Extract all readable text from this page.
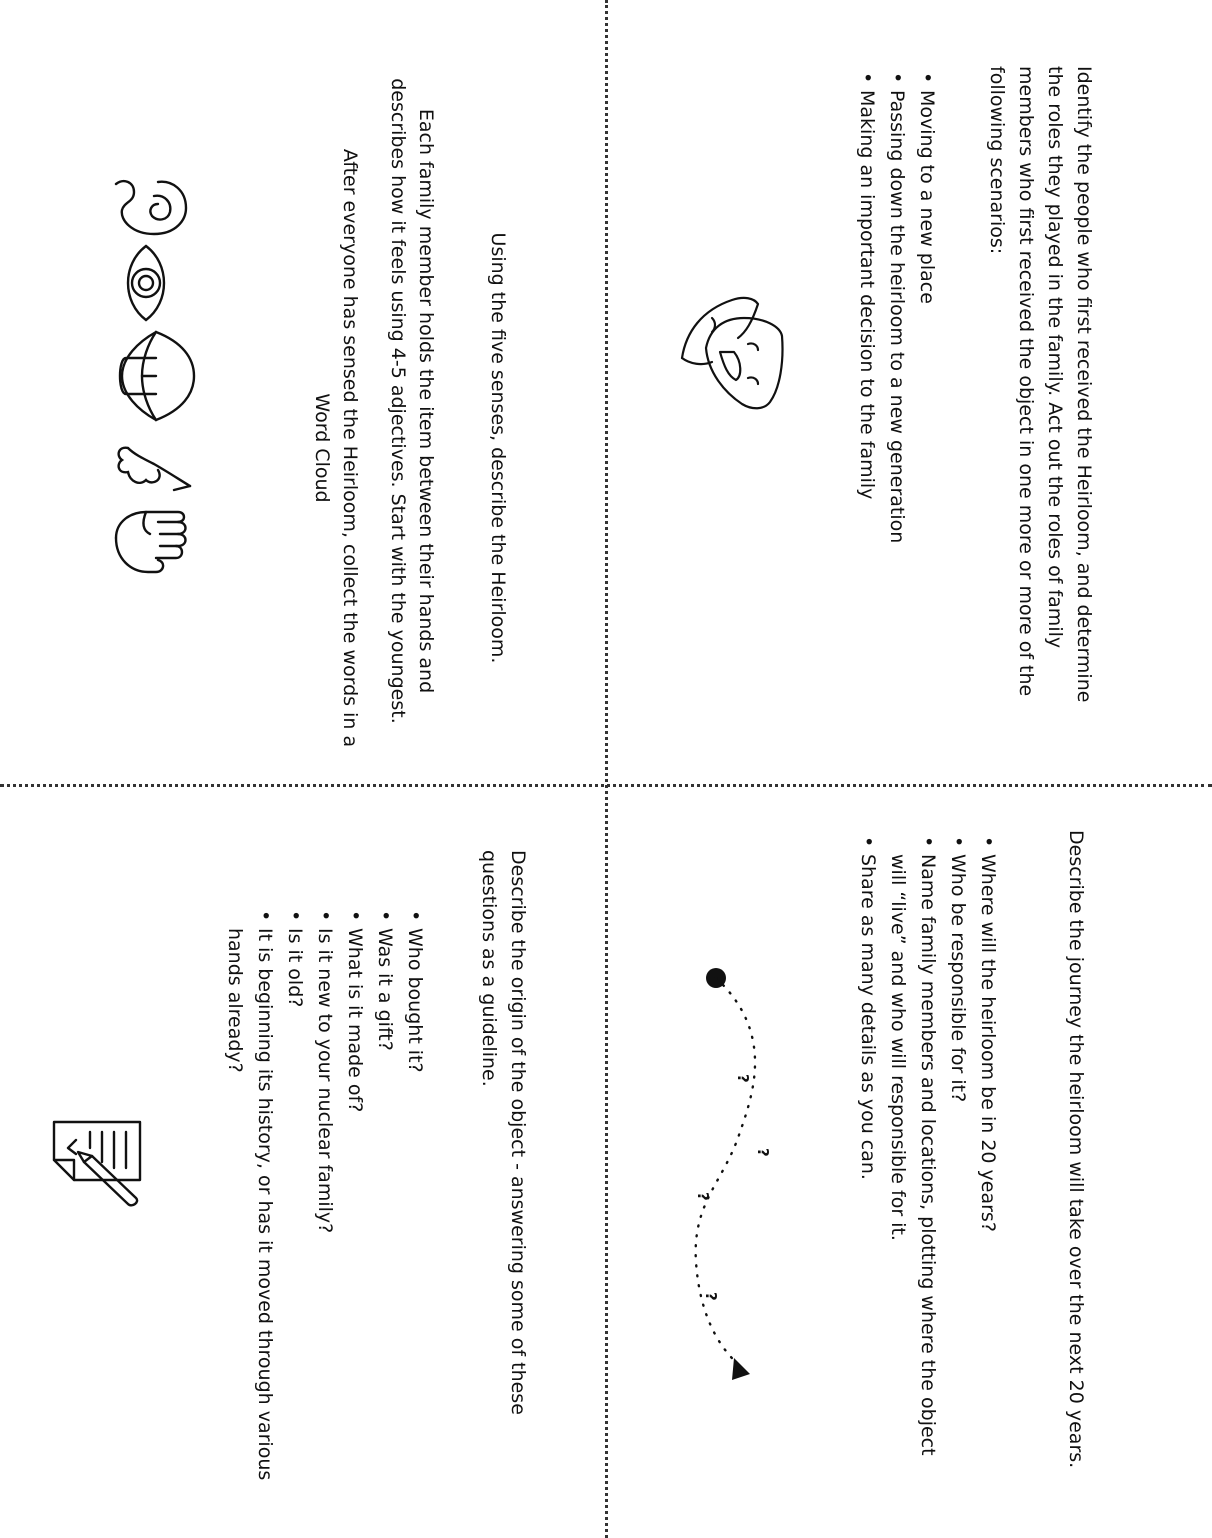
Identify the people who first received the Heirloom, and determine the roles they played in the family. Act out the roles of family members who first received the object in one more or more of the following scenarios:

• Moving to a new place
• Passing down the heirloom to a new generation
• Making an important decision to the family

Describe the journey the heirloom will take over the next 20 years.

• Where will the heirloom be in 20 years?
• Who be responsible for it?
• Name family members and locations, plotting where the object will “live” and who will responsible for it.
• Share as many details as you can.
?
?
?
?

Using the five senses, describe the Heirloom.

Each family member holds the item between their hands and describes how it feels using 4-5 adjectives. Start with the youngest.

After everyone has sensed the Heirloom, collect the words in a Word Cloud

Describe the origin of the object - answering some of these questions as a guideline.

• Who bought it?
• Was it a gift?
• What is it made of?
• Is it new to your nuclear family?
• Is it old?
• It is beginning its history, or has it moved through various hands already?
